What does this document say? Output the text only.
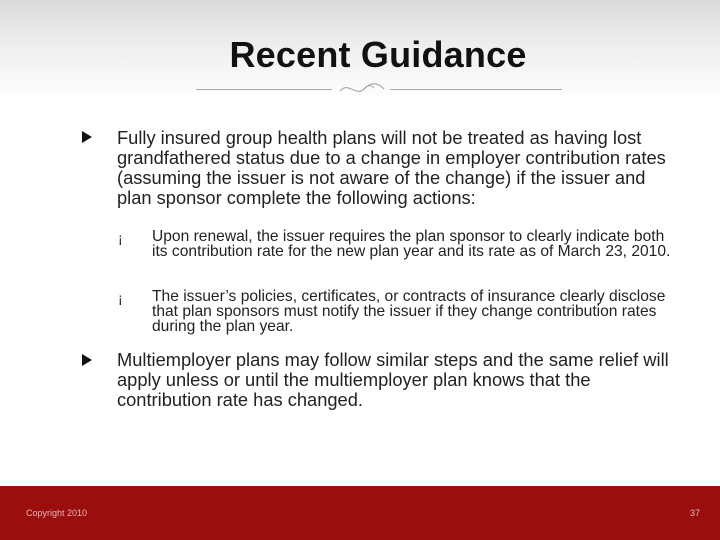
Recent Guidance
Fully insured group health plans will not be treated as having lost grandfathered status due to a change in employer contribution rates (assuming the issuer is not aware of the change) if the issuer and plan sponsor complete the following actions:
¡ Upon renewal, the issuer requires the plan sponsor to clearly indicate both its contribution rate for the new plan year and its rate as of March 23, 2010.
¡ The issuer’s policies, certificates, or contracts of insurance clearly disclose that plan sponsors must notify the issuer if they change contribution rates during the plan year.
Multiemployer plans may follow similar steps and the same relief will apply unless or until the multiemployer plan knows that the contribution rate has changed.
Copyright 2010	37
